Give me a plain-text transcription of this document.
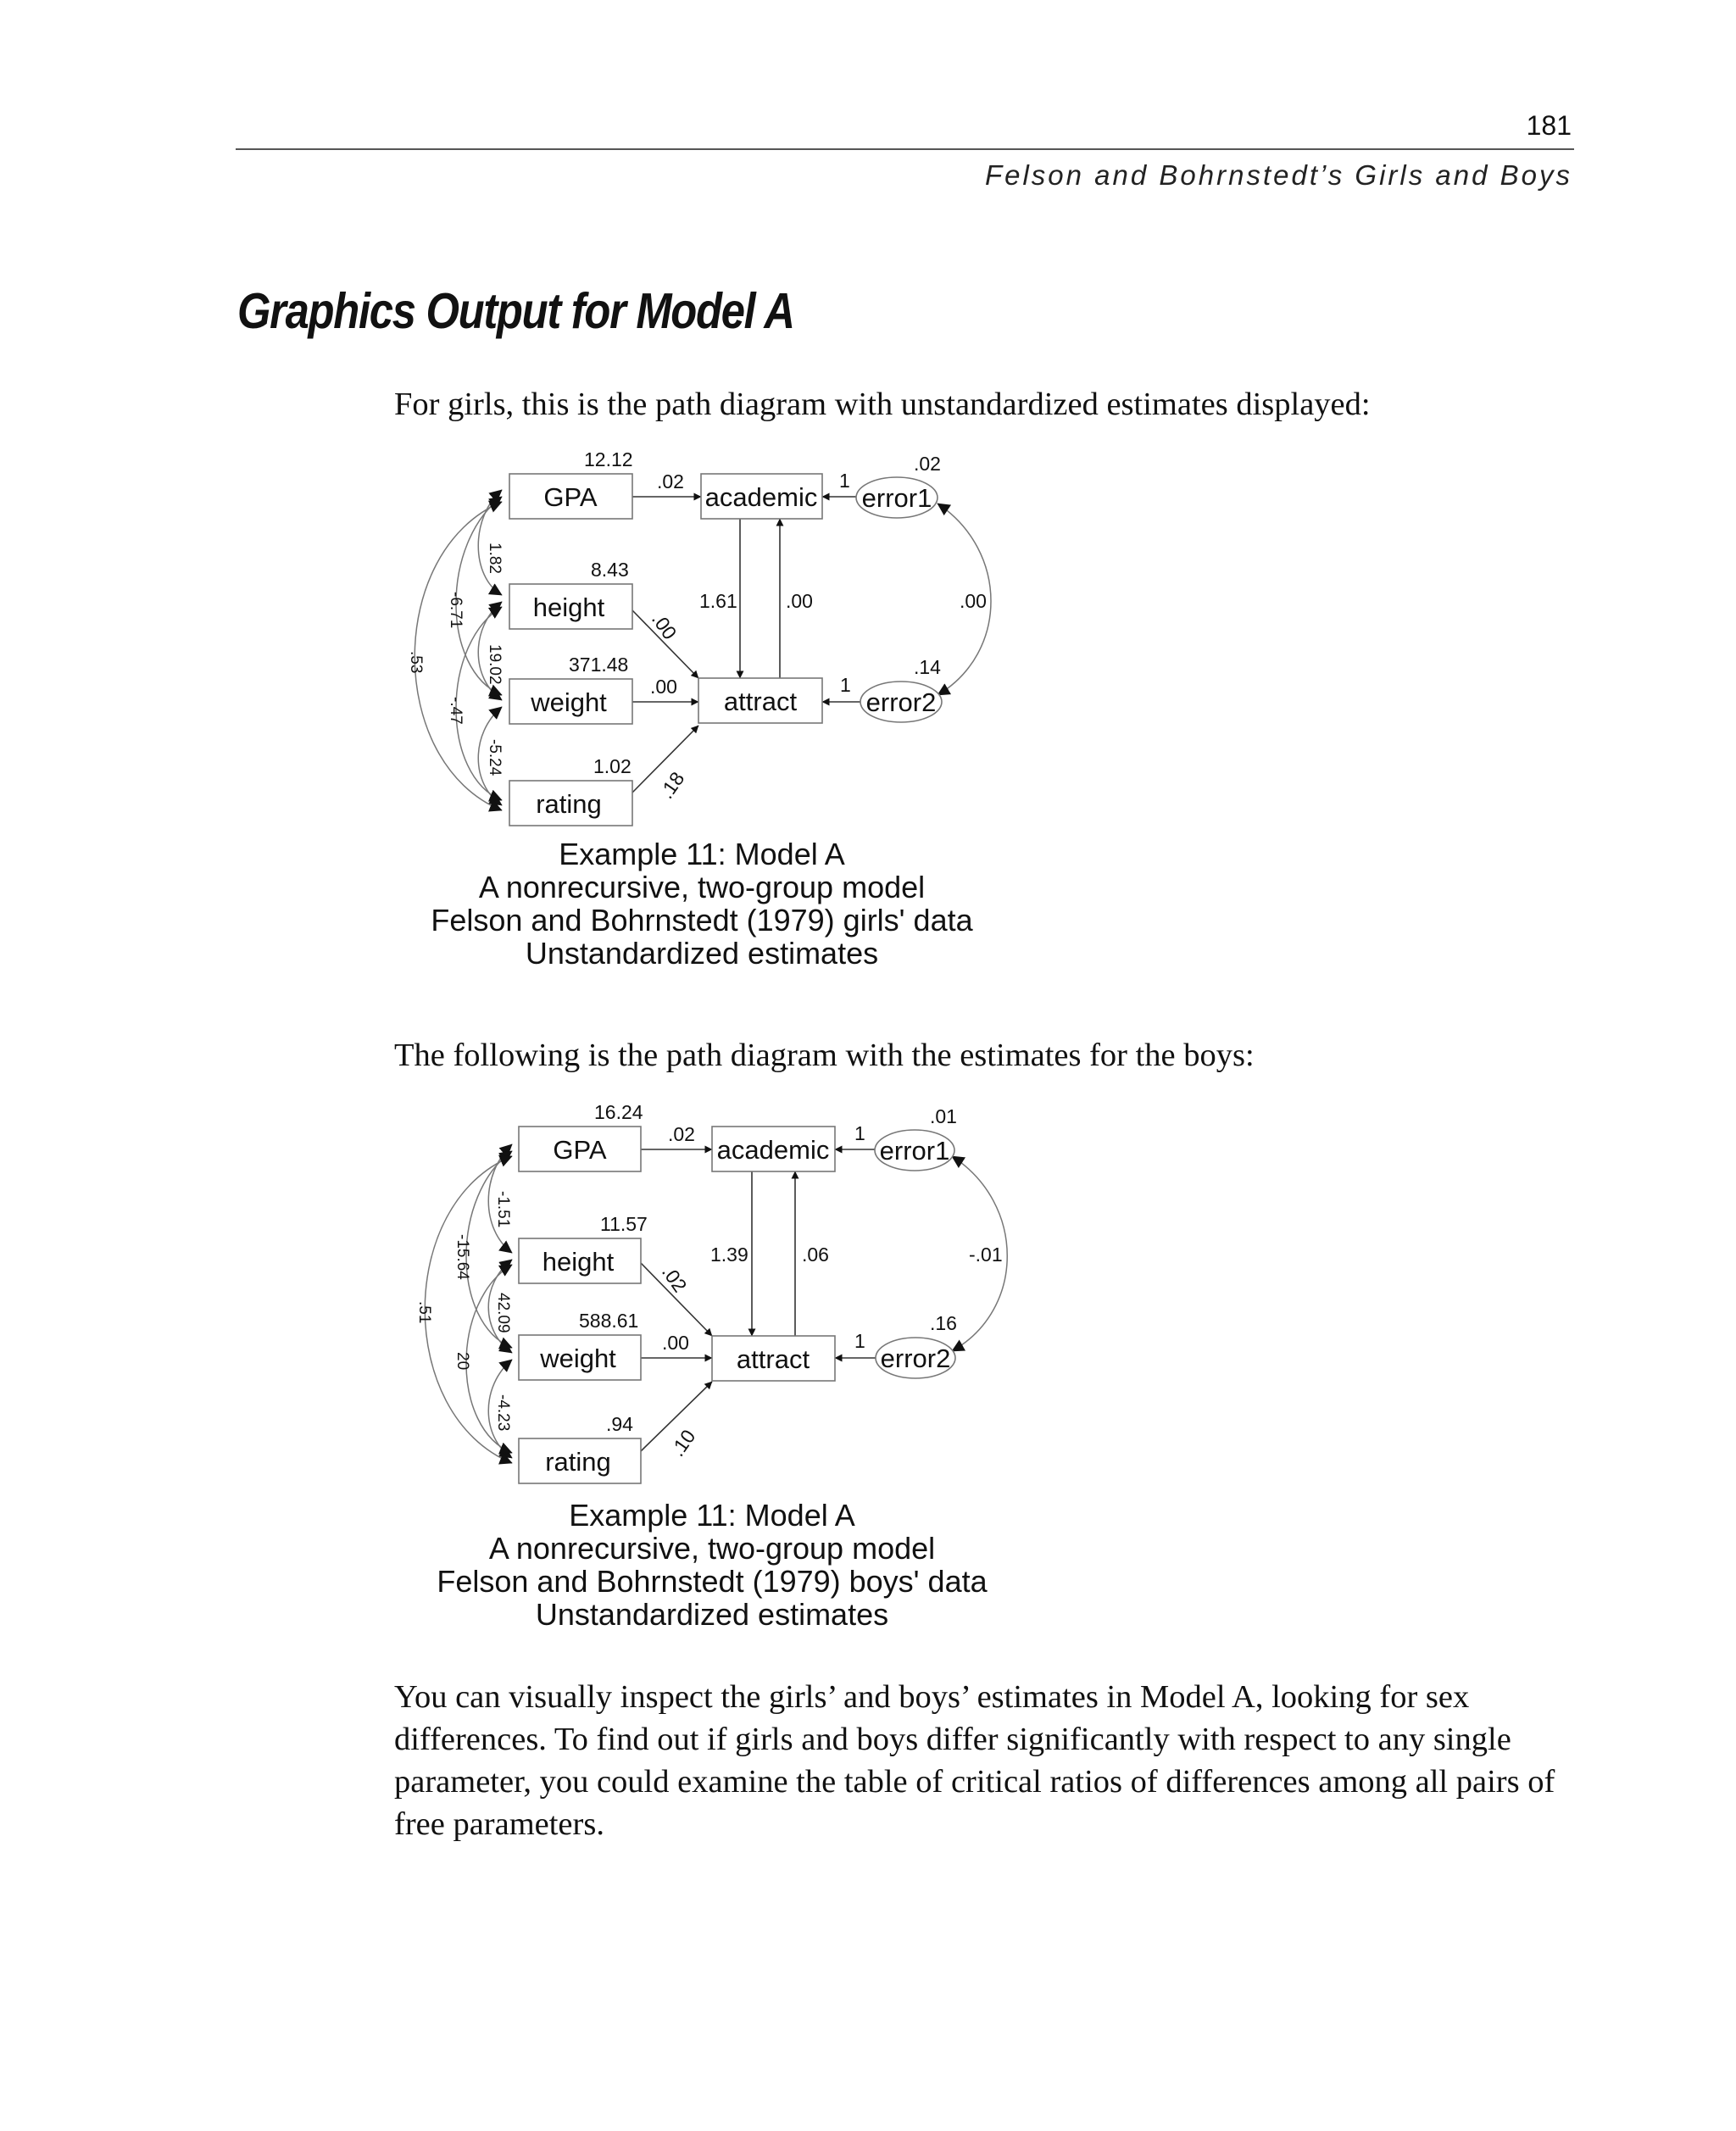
181
Felson and Bohrnstedt’s Girls and Boys
Graphics Output for Model A

For girls, this is the path diagram with unstandardized estimates displayed:

1.82
19.02
-5.24
-6.71
-.47
.53
GPA
height
weight
rating
academic
attract
error1
error2
12.12
8.43
371.48
1.02
.02
.14
.02
.00
.00
.18
1.61 .00
1
1
.00
Example 11: Model A
A nonrecursive, two-group model
Felson and Bohrnstedt (1979) girls' data
Unstandardized estimates

The following is the path diagram with the estimates for the boys:

-1.51
42.09
-4.23
-15.64
20
.51
GPA
height
weight
rating
academic
attract
error1
error2
16.24
11.57
588.61
.94
.01
.16
.02
.02
.00
.10
1.39	.06
1
1
-.01
Example 11: Model A
A nonrecursive, two-group model
Felson and Bohrnstedt (1979) boys' data
Unstandardized estimates

You can visually inspect the girls’ and boys’ estimates in Model A, looking for sex differences. To find out if girls and boys differ significantly with respect to any single parameter, you could examine the table of critical ratios of differences among all pairs of free parameters.
